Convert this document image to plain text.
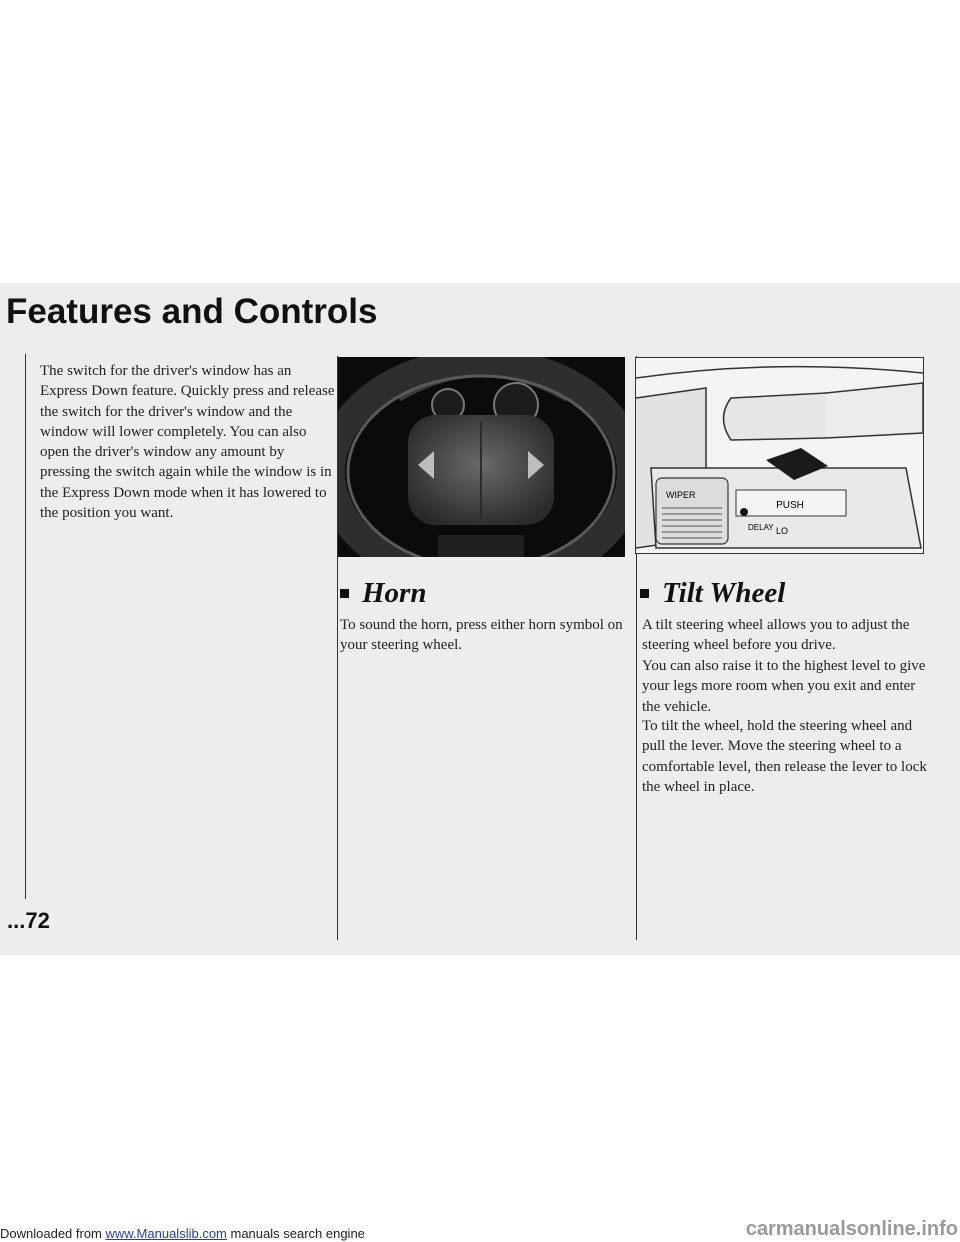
Features and Controls

The switch for the driver's window has an Express Down feature. Quickly press and release the switch for the driver's window and the window will lower completely. You can also open the driver's window any amount by pressing the switch again while the window is in the Express Down mode when it has lowered to the position you want.

Horn

To sound the horn, press either horn symbol on your steering wheel.

PUSH
WIPER
DELAY LO
Tilt Wheel

A tilt steering wheel allows you to adjust the steering wheel before you drive.

You can also raise it to the highest level to give your legs more room when you exit and enter the vehicle.

To tilt the wheel, hold the steering wheel and pull the lever. Move the steering wheel to a comfortable level, then release the lever to lock the wheel in place.

...72

Downloaded from www.Manualslib.com manuals search engine	carmanualsonline.info
